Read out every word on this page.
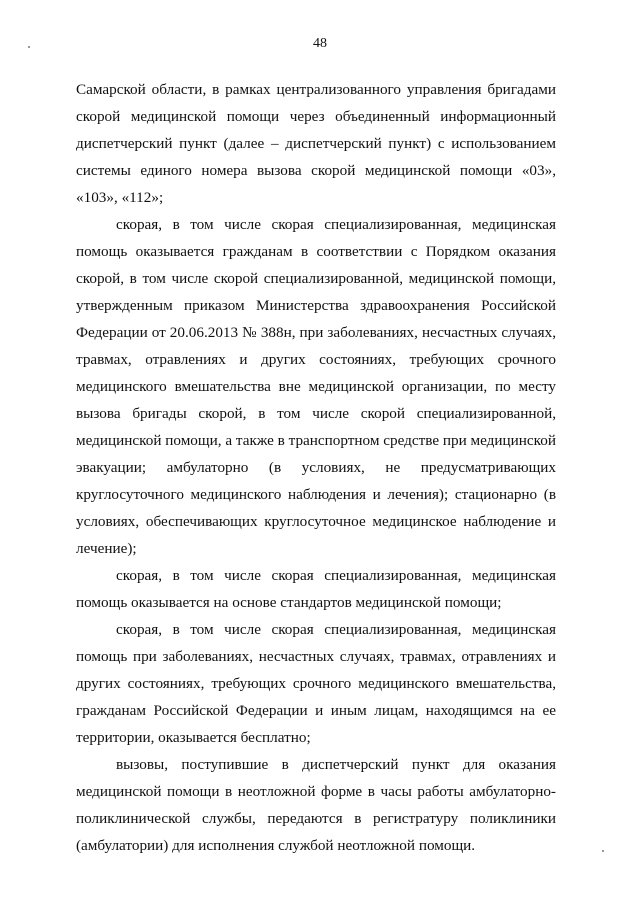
48

Самарской области, в рамках централизованного управления бригадами скорой медицинской помощи через объединенный информационный диспетчерский пункт (далее – диспетчерский пункт) с использованием системы единого номера вызова скорой медицинской помощи «03», «103», «112»;

скорая, в том числе скорая специализированная, медицинская помощь оказывается гражданам в соответствии с Порядком оказания скорой, в том числе скорой специализированной, медицинской помощи, утвержденным приказом Министерства здравоохранения Российской Федерации от 20.06.2013 № 388н, при заболеваниях, несчастных случаях, травмах, отравлениях и других состояниях, требующих срочного медицинского вмешательства вне медицинской организации, по месту вызова бригады скорой, в том числе скорой специализированной, медицинской помощи, а также в транспортном средстве при медицинской эвакуации; амбулаторно (в условиях, не предусматривающих круглосуточного медицинского наблюдения и лечения); стационарно (в условиях, обеспечивающих круглосуточное медицинское наблюдение и лечение);

скорая, в том числе скорая специализированная, медицинская помощь оказывается на основе стандартов медицинской помощи;

скорая, в том числе скорая специализированная, медицинская помощь при заболеваниях, несчастных случаях, травмах, отравлениях и других состояниях, требующих срочного медицинского вмешательства, гражданам Российской Федерации и иным лицам, находящимся на ее территории, оказывается бесплатно;

вызовы, поступившие в диспетчерский пункт для оказания медицинской помощи в неотложной форме в часы работы амбулаторно-поликлинической службы, передаются в регистратуру поликлиники (амбулатории) для исполнения службой неотложной помощи.
